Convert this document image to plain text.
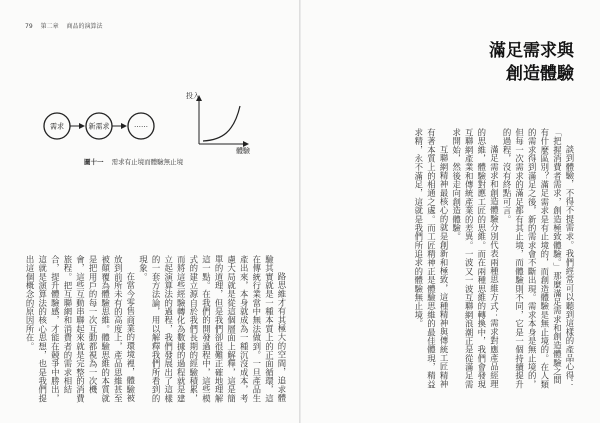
79 第二章 商品的演算法
需求	新需求	……
投入
體驗
圖十一 需求有止境而體驗無止境

路思維才有其極大的空間，追求體驗其實就是一種本質上的正面循環，這在傳統行業當中無法做到。一旦產品生產出來，本身就成為一種沉沒成本，考慮大局就是從這個層面上解釋，這是簡單的道理，但是我們卻很難正確地理解這一點。在我們的開發過程中，這些模式的建立源自於我們長期的經驗積累，而將這些經驗轉化為數據的過程就是建立起演算法的過程，我們發展出了這樣的一套方法論，用以解釋我們所看到的現象。

在當今零售商業的環境裡，體驗被放到前所未有的高度上，產品思維甚至被顛覆為體驗思維。體驗思維的本質就是把用戶的每一次互動都視為一次機會，這些互動串聯起來就是完整的消費旅程。把互聯網和消費者的需求相結合，提升體驗感，才能在競爭中勝出，這就是演算法的核心思想，也是我們提出這個概念的原因所在。

滿足需求與
創造體驗

談到體驗，不得不提需求。我們經常可以聽到這樣的產品心得：「把握消費者需求，創造極致體驗。」那麼滿足需求和創造體驗之間有什麼區別？滿足需求是有止境的，而創造體驗是無止境的。在人類的需求得到滿足之後，新的需求會不斷出現。需求本身是無止境的，但每一次需求的滿足都有其止境，而體驗則不同，它是一個持續提升的過程，沒有終點可言。

滿足需求和創造體驗分別代表兩種思維方式：需求對應產品經理的思維，體驗對應工匠的思維。而在兩種思維的轉換中，我們會發現互聯網產業和傳統產業的差異。一波又一波互聯網浪潮正是從滿足需求開始，然後走向創造體驗。

互聯網精神最核心的就是創新和極致，這種精神與傳統工匠精神有著本質上的相通之處。而工匠精神正是體驗思維的最佳體現，精益求精，永不滿足，這就是我們所追求的體驗無止境。
